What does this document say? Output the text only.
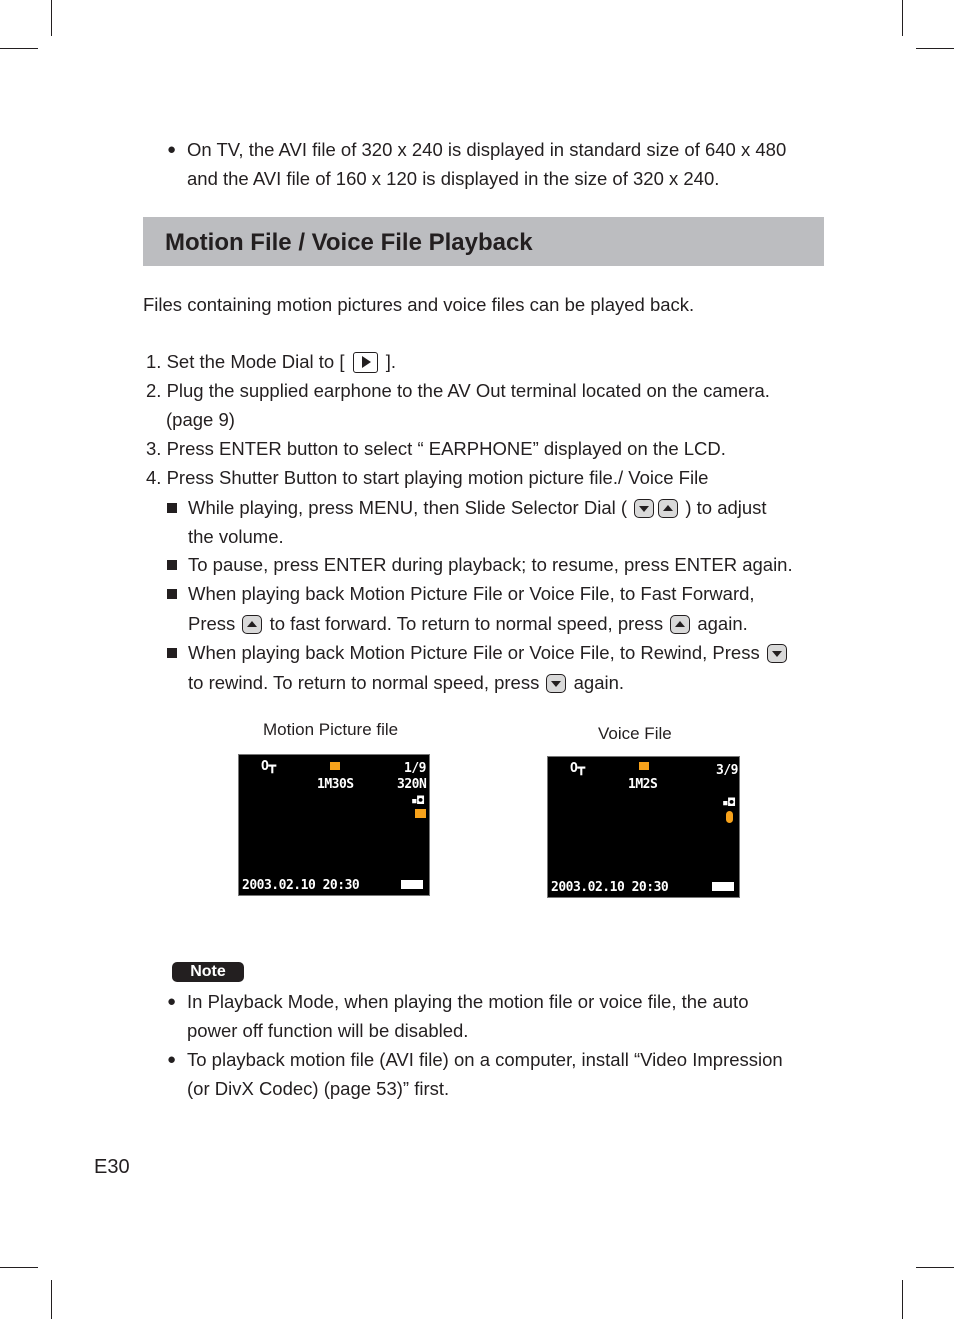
● On TV, the AVI file of 320 x 240 is displayed in standard size of 640 x 480
and the AVI file of 160 x 120 is displayed in the size of 320 x 240.
Motion File / Voice File Playback
Files containing motion pictures and voice files can be played back.
1. Set the Mode Dial to [ ].
2. Plug the supplied earphone to the AV Out terminal located on the camera.
(page 9)
3. Press ENTER button to select “ EARPHONE” displayed on the LCD.
4. Press Shutter Button to start playing motion picture file./ Voice File
While playing, press MENU, then Slide Selector Dial (	) to adjust
the volume.
To pause, press ENTER during playback; to resume, press ENTER again.
When playing back Motion Picture File or Voice File, to Fast Forward,
Press to fast forward. To return to normal speed, press again.
When playing back Motion Picture File or Voice File, to Rewind, Press
to rewind. To return to normal speed, press again.
Motion Picture file	Voice File
O┳
1M30S
1/9
320N
▪◘
2003.02.10 20:30
O┳
1M2S
3/9
▪◘
2003.02.10 20:30
Note
● In Playback Mode, when playing the motion file or voice file, the auto
power off function will be disabled.
● To playback motion file (AVI file) on a computer, install “Video Impression
(or DivX Codec) (page 53)” first.
E30
